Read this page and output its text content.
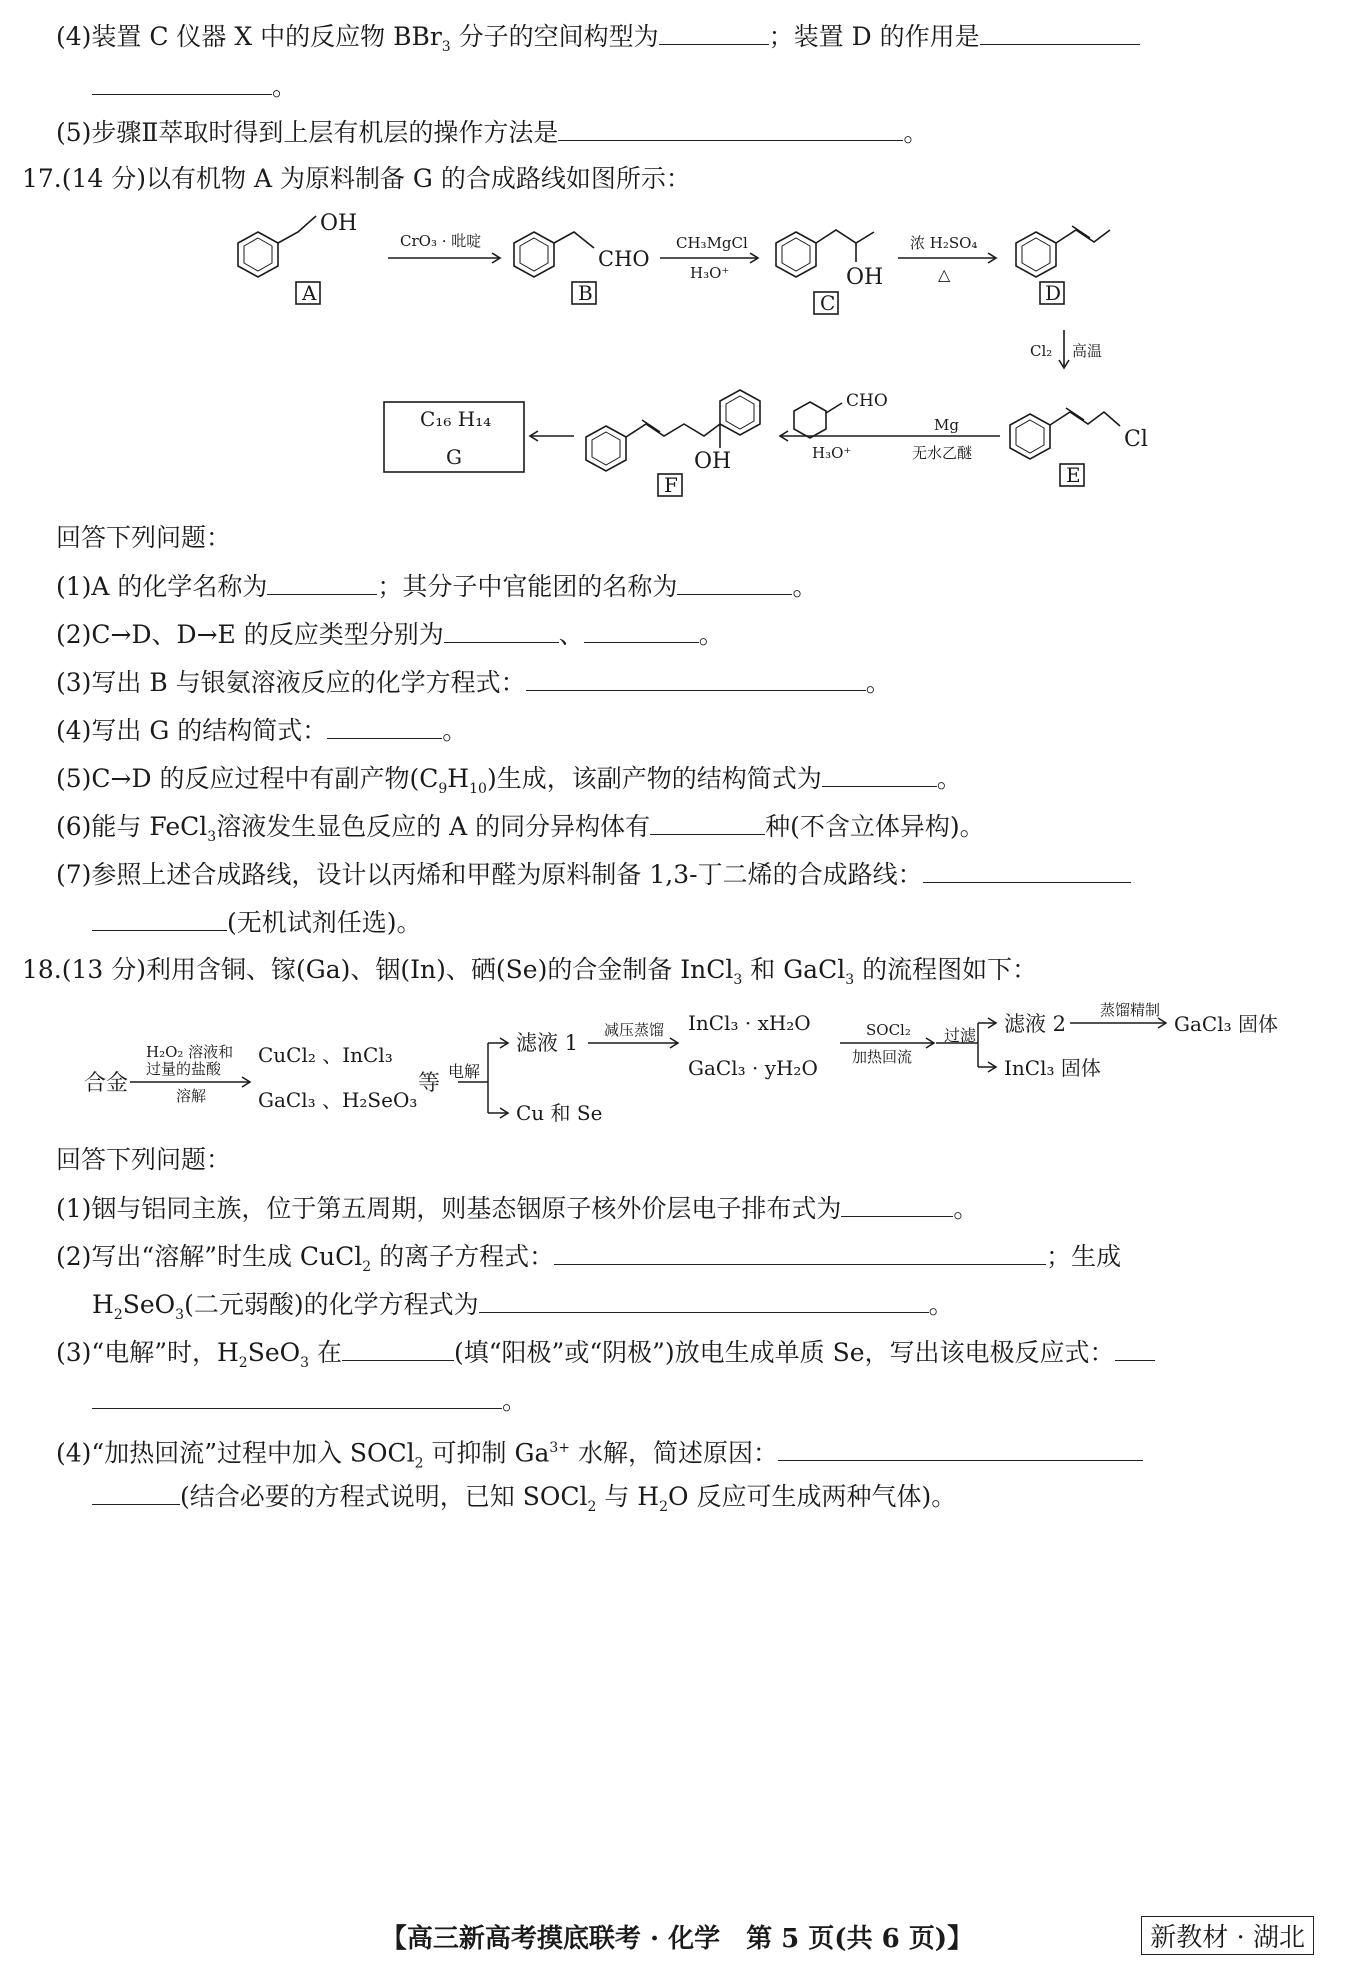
(4)装置 C 仪器 X 中的反应物 BBr$_3$ 分子的空间构型为	；装置 D 的作用是
。
(5)步骤Ⅱ萃取时得到上层有机层的操作方法是	。
17.(14 分)以有机物 A 为原料制备 G 的合成路线如图所示：
OH
CHO
OH
Cl
CHO
OH
A	B	C	D
E
F
CrO₃ · 吡啶	CH₃MgCl
H₃O⁺
浓 H₂SO₄
△
Cl₂ 高温
Mg
无水乙醚
H₃O⁺
C₁₆ H₁₄
G
回答下列问题：
(1)A 的化学名称为	；其分子中官能团的名称为	。
(2)C→D、D→E 的反应类型分别为	、	。
(3)写出 B 与银氨溶液反应的化学方程式：	。
(4)写出 G 的结构简式：	。
(5)C→D 的反应过程中有副产物$(C_9H_{10})$生成，该副产物的结构简式为	。
(6)能与 FeCl$_3$溶液发生显色反应的 A 的同分异构体有	种(不含立体异构)。
(7)参照上述合成路线，设计以丙烯和甲醛为原料制备 1,3-丁二烯的合成路线：
(无机试剂任选)。
18.(13 分)利用含铜、镓(Ga)、铟(In)、硒(Se)的合金制备 InCl$_3$ 和 GaCl$_3$ 的流程图如下：
合金
H₂O₂ 溶液和
过量的盐酸
溶解
CuCl₂ 、InCl₃
GaCl₃ 、H₂SeO₃
等 电解
滤液 1
Cu 和 Se
减压蒸馏 InCl₃ · xH₂O
GaCl₃ · yH₂O
SOCl₂
加热回流
过滤 滤液 2
蒸馏精制
GaCl₃ 固体
InCl₃ 固体
回答下列问题：
(1)铟与铝同主族，位于第五周期，则基态铟原子核外价层电子排布式为	。
(2)写出“溶解”时生成 CuCl$_2$ 的离子方程式：	；生成
$H_2SeO_3$(二元弱酸)的化学方程式为	。
(3)“电解”时，$H_2SeO_3$ 在	(填“阳极”或“阴极”)放电生成单质 Se，写出该电极反应式：
。
(4)“加热回流”过程中加入 SOCl$_2$ 可抑制 $Ga^{3+}$ 水解，简述原因：
(结合必要的方程式说明，已知 SOCl$_2$ 与 $H_2O$ 反应可生成两种气体)。
【高三新高考摸底联考 · 化学　第 5 页(共 6 页)】	新教材 · 湖北
